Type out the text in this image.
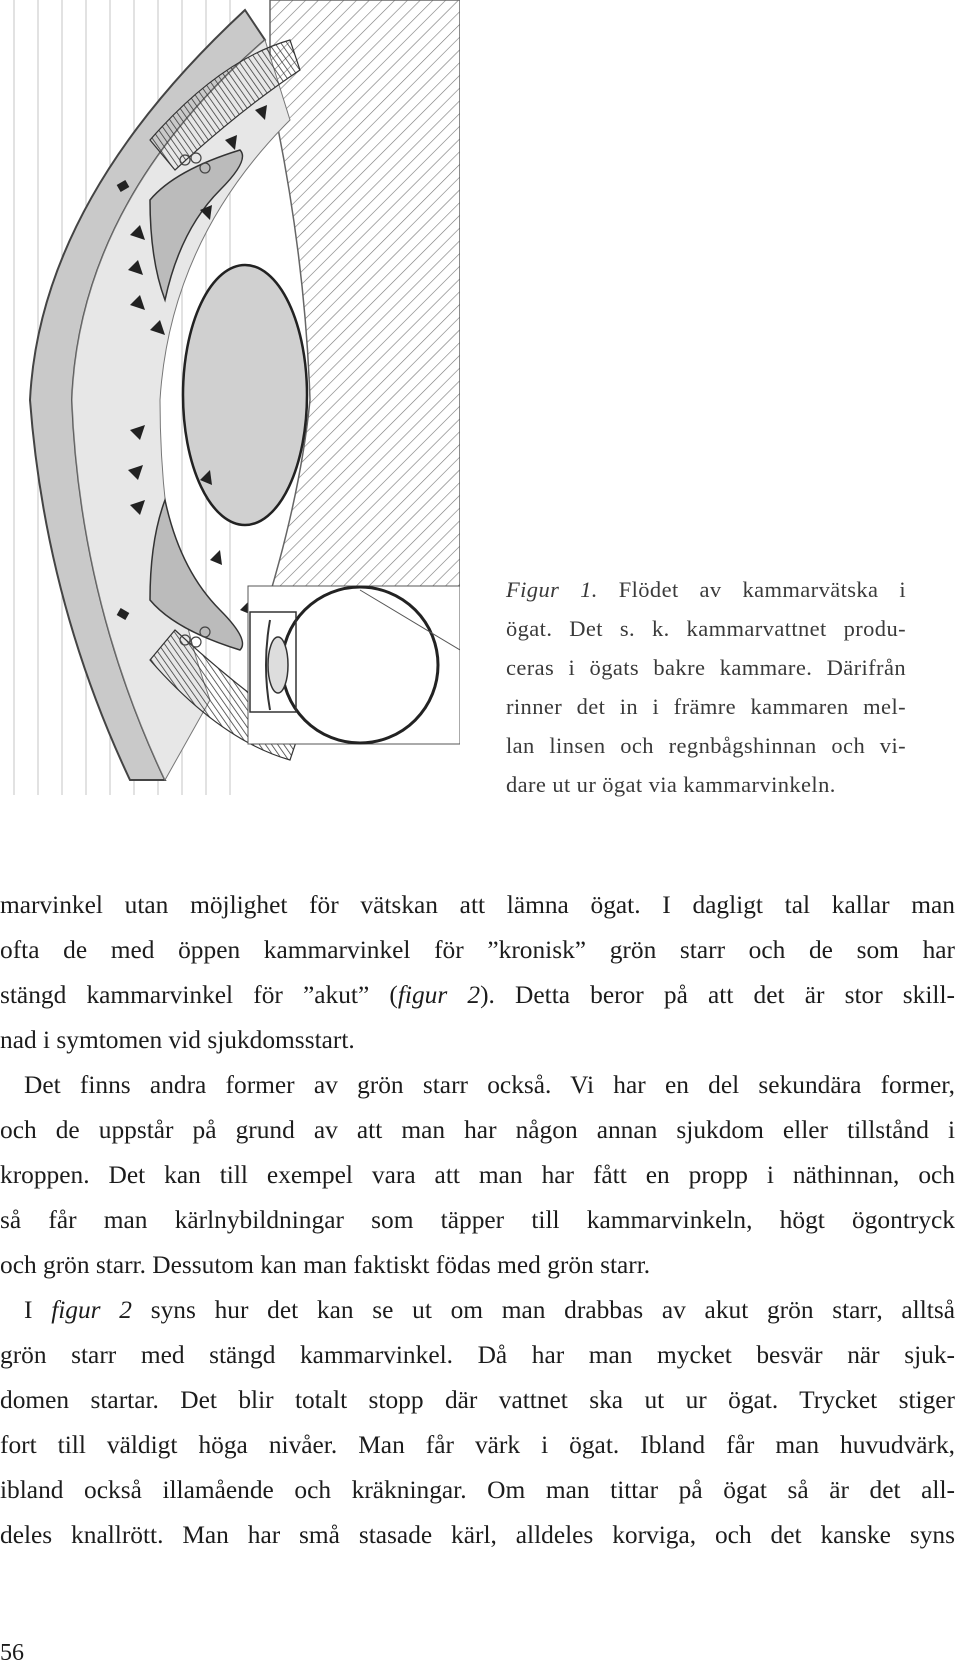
Figur 1. Flödet av kammarvätska i
ögat. Det s. k. kammarvattnet produ-
ceras i ögats bakre kammare. Därifrån
rinner det in i främre kammaren mel-
lan linsen och regnbågshinnan och vi-
dare ut ur ögat via kammarvinkeln.
marvinkel utan möjlighet för vätskan att lämna ögat. I dagligt tal kallar man
ofta de med öppen kammarvinkel för ”kronisk” grön starr och de som har
stängd kammarvinkel för ”akut” (figur 2). Detta beror på att det är stor skill-
nad i symtomen vid sjukdomsstart.
Det finns andra former av grön starr också. Vi har en del sekundära former,
och de uppstår på grund av att man har någon annan sjukdom eller tillstånd i
kroppen. Det kan till exempel vara att man har fått en propp i näthinnan, och
så får man kärlnybildningar som täpper till kammarvinkeln, högt ögontryck
och grön starr. Dessutom kan man faktiskt födas med grön starr.
I figur 2 syns hur det kan se ut om man drabbas av akut grön starr, alltså
grön starr med stängd kammarvinkel. Då har man mycket besvär när sjuk-
domen startar. Det blir totalt stopp där vattnet ska ut ur ögat. Trycket stiger
fort till väldigt höga nivåer. Man får värk i ögat. Ibland får man huvudvärk,
ibland också illamående och kräkningar. Om man tittar på ögat så är det all-
deles knallrött. Man har små stasade kärl, alldeles korviga, och det kanske syns
56
